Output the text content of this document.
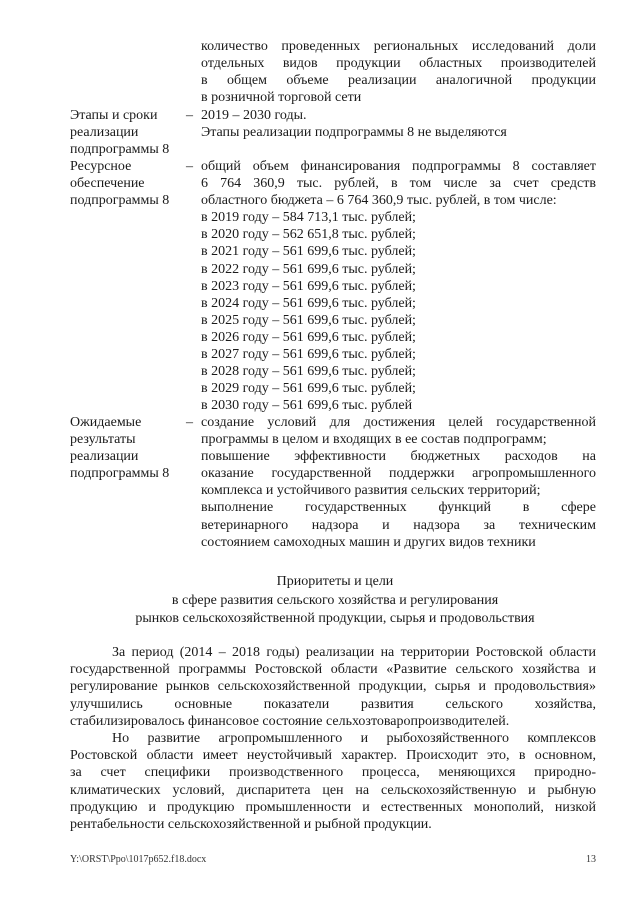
количество проведенных региональных исследований доли
отдельных видов продукции областных производителей
в общем объеме реализации аналогичной продукции
в розничной торговой сети
Этапы и сроки
реализации
подпрограммы 8
– 2019 – 2030 годы.
Этапы реализации подпрограммы 8 не выделяются
Ресурсное
обеспечение
подпрограммы 8
– общий объем финансирования подпрограммы 8 составляет
6 764 360,9 тыс. рублей, в том числе за счет средств
областного бюджета – 6 764 360,9 тыс. рублей, в том числе:
в 2019 году – 584 713,1 тыс. рублей;
в 2020 году – 562 651,8 тыс. рублей;
в 2021 году – 561 699,6 тыс. рублей;
в 2022 году – 561 699,6 тыс. рублей;
в 2023 году – 561 699,6 тыс. рублей;
в 2024 году – 561 699,6 тыс. рублей;
в 2025 году – 561 699,6 тыс. рублей;
в 2026 году – 561 699,6 тыс. рублей;
в 2027 году – 561 699,6 тыс. рублей;
в 2028 году – 561 699,6 тыс. рублей;
в 2029 году – 561 699,6 тыс. рублей;
в 2030 году – 561 699,6 тыс. рублей
Ожидаемые
результаты
реализации
подпрограммы 8
– создание условий для достижения целей государственной
программы в целом и входящих в ее состав подпрограмм;
повышение эффективности бюджетных расходов на
оказание государственной поддержки агропромышленного
комплекса и устойчивого развития сельских территорий;
выполнение государственных функций в сфере
ветеринарного надзора и надзора за техническим
состоянием самоходных машин и других видов техники
Приоритеты и цели
в сфере развития сельского хозяйства и регулирования
рынков сельскохозяйственной продукции, сырья и продовольствия
За период (2014 – 2018 годы) реализации на территории Ростовской области
государственной программы Ростовской области «Развитие сельского хозяйства и
регулирование рынков сельскохозяйственной продукции, сырья и продовольствия»
улучшились основные показатели развития сельского хозяйства,
стабилизировалось финансовое состояние сельхозтоваропроизводителей.
Но развитие агропромышленного и рыбохозяйственного комплексов
Ростовской области имеет неустойчивый характер. Происходит это, в основном,
за счет специфики производственного процесса, меняющихся природно-
климатических условий, диспаритета цен на сельскохозяйственную и рыбную
продукцию и продукцию промышленности и естественных монополий, низкой
рентабельности сельскохозяйственной и рыбной продукции.
Y:\ORST\Ppo\1017p652.f18.docx	13
